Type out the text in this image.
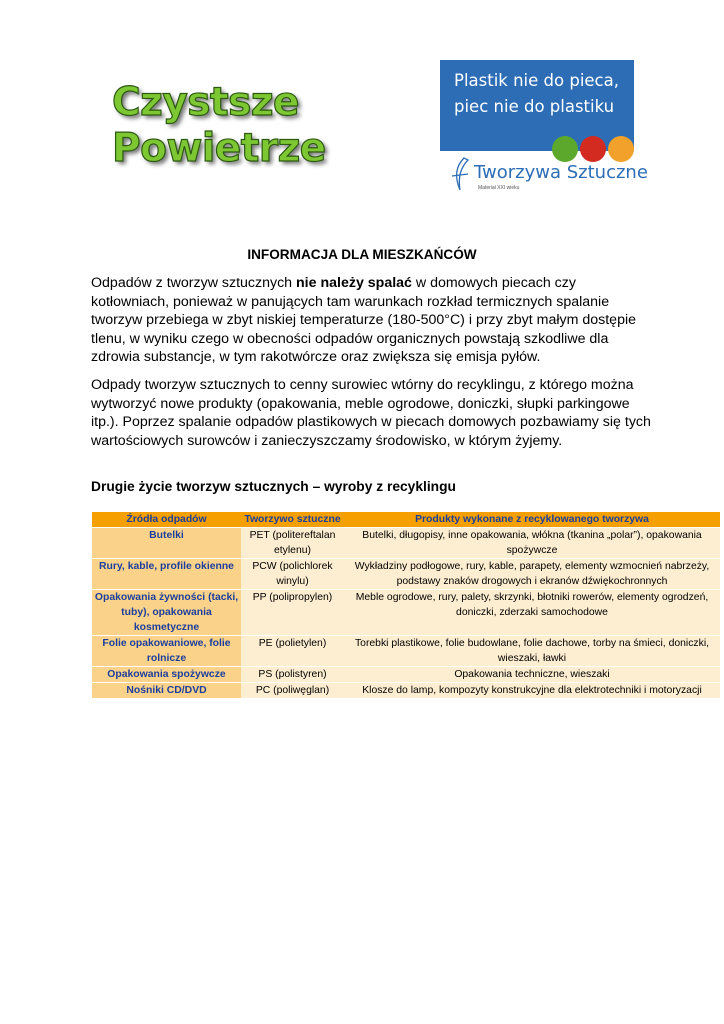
Czystsze
Powietrze
Plastik nie do pieca,
piec nie do plastiku
Tworzywa Sztuczne
Materiał XXI wieku
INFORMACJA DLA MIESZKAŃCÓW
Odpadów z tworzyw sztucznych nie należy spalać w domowych piecach czy kotłowniach, ponieważ w panujących tam warunkach rozkład termicznych spalanie tworzyw przebiega w zbyt niskiej temperaturze (180-500°C) i przy zbyt małym dostępie tlenu, w wyniku czego w obecności odpadów organicznych powstają szkodliwe dla zdrowia substancje, w tym rakotwórcze oraz zwiększa się emisja pyłów.
Odpady tworzyw sztucznych to cenny surowiec wtórny do recyklingu, z którego można wytworzyć nowe produkty (opakowania, meble ogrodowe, doniczki, słupki parkingowe itp.). Poprzez spalanie odpadów plastikowych w piecach domowych pozbawiamy się tych wartościowych surowców i zanieczyszczamy środowisko, w którym żyjemy.
Drugie życie tworzyw sztucznych – wyroby z recyklingu
Źródła odpadów	Tworzywo sztuczne	Produkty wykonane z recyklowanego tworzywa
Butelki	PET (politereftalan etylenu)	Butelki, długopisy, inne opakowania, włókna (tkanina „polar”), opakowania spożywcze
Rury, kable, profile okienne	PCW (polichlorek winylu)	Wykładziny podłogowe, rury, kable, parapety, elementy wzmocnień nabrzeży, podstawy znaków drogowych i ekranów dźwiękochronnych
Opakowania żywności (tacki, tuby), opakowania kosmetyczne	PP (polipropylen)	Meble ogrodowe, rury, palety, skrzynki, błotniki rowerów, elementy ogrodzeń, doniczki, zderzaki samochodowe
Folie opakowaniowe, folie rolnicze	PE (polietylen)	Torebki plastikowe, folie budowlane, folie dachowe, torby na śmieci, doniczki, wieszaki, ławki
Opakowania spożywcze	PS (polistyren)	Opakowania techniczne, wieszaki
Nośniki CD/DVD	PC (poliwęglan)	Klosze do lamp, kompozyty konstrukcyjne dla elektrotechniki i motoryzacji
